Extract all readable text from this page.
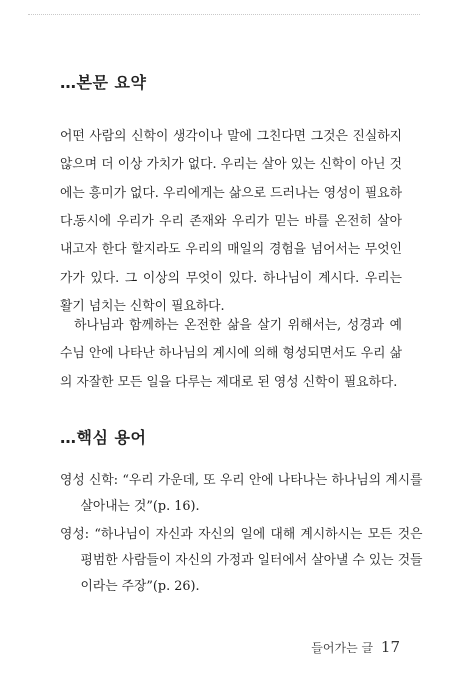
…본문 요약
어떤 사람의 신학이 생각이나 말에 그친다면 그것은 진실하지 않으며 더 이상 가치가 없다. 우리는 살아 있는 신학이 아닌 것에는 흥미가 없다. 우리에게는 삶으로 드러나는 영성이 필요하다.
동시에 우리가 우리 존재와 우리가 믿는 바를 온전히 살아내고자 한다 할지라도 우리의 매일의 경험을 넘어서는 무엇인가가 있다. 그 이상의 무엇이 있다. 하나님이 계시다. 우리는 활기 넘치는 신학이 필요하다.
하나님과 함께하는 온전한 삶을 살기 위해서는, 성경과 예수님 안에 나타난 하나님의 계시에 의해 형성되면서도 우리 삶의 자잘한 모든 일을 다루는 제대로 된 영성 신학이 필요하다.
…핵심 용어
영성 신학: “우리 가운데, 또 우리 안에 나타나는 하나님의 계시를 살아내는 것”(p. 16).
영성: “하나님이 자신과 자신의 일에 대해 계시하시는 모든 것은 평범한 사람들이 자신의 가정과 일터에서 살아낼 수 있는 것들이라는 주장”(p. 26).
들어가는 글 17
